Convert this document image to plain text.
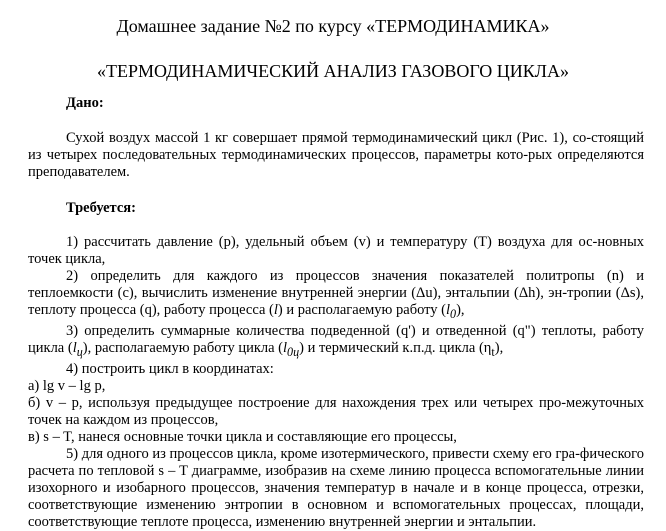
Домашнее задание №2 по курсу «ТЕРМОДИНАМИКА»
«ТЕРМОДИНАМИЧЕСКИЙ АНАЛИЗ ГАЗОВОГО ЦИКЛА»
Дано:

Сухой воздух массой 1 кг совершает прямой термодинамический цикл (Рис. 1), со-стоящий из четырех последовательных термодинамических процессов, параметры кото-рых определяются преподавателем.

Требуется:

1) рассчитать давление (p), удельный объем (v) и температуру (T) воздуха для ос-новных точек цикла,

2) определить для каждого из процессов значения показателей политропы (n) и теплоемкости (c), вычислить изменение внутренней энергии (Δu), энтальпии (Δh), эн-тропии (Δs), теплоту процесса (q), работу процесса (l) и располагаемую работу $(l_0)$,

3) определить суммарные количества подведенной (q') и отведенной (q") теплоты, работу цикла $(l_ц)$, располагаемую работу цикла $(l_{0ц})$ и термический к.п.д. цикла $(\eta_t)$,

4) построить цикл в координатах:

а) lg v – lg p,

б) v – p, используя предыдущее построение для нахождения трех или четырех про-межуточных точек на каждом из процессов,

в) s – T, нанеся основные точки цикла и составляющие его процессы,

5) для одного из процессов цикла, кроме изотермического, привести схему его гра-фического расчета по тепловой s – T диаграмме, изобразив на схеме линию процесса вспомогательные линии изохорного и изобарного процессов, значения температур в начале и в конце процесса, отрезки, соответствующие изменению энтропии в основном и вспомогательных процессах, площади, соответствующие теплоте процесса, изменению внутренней энергии и энтальпии.
